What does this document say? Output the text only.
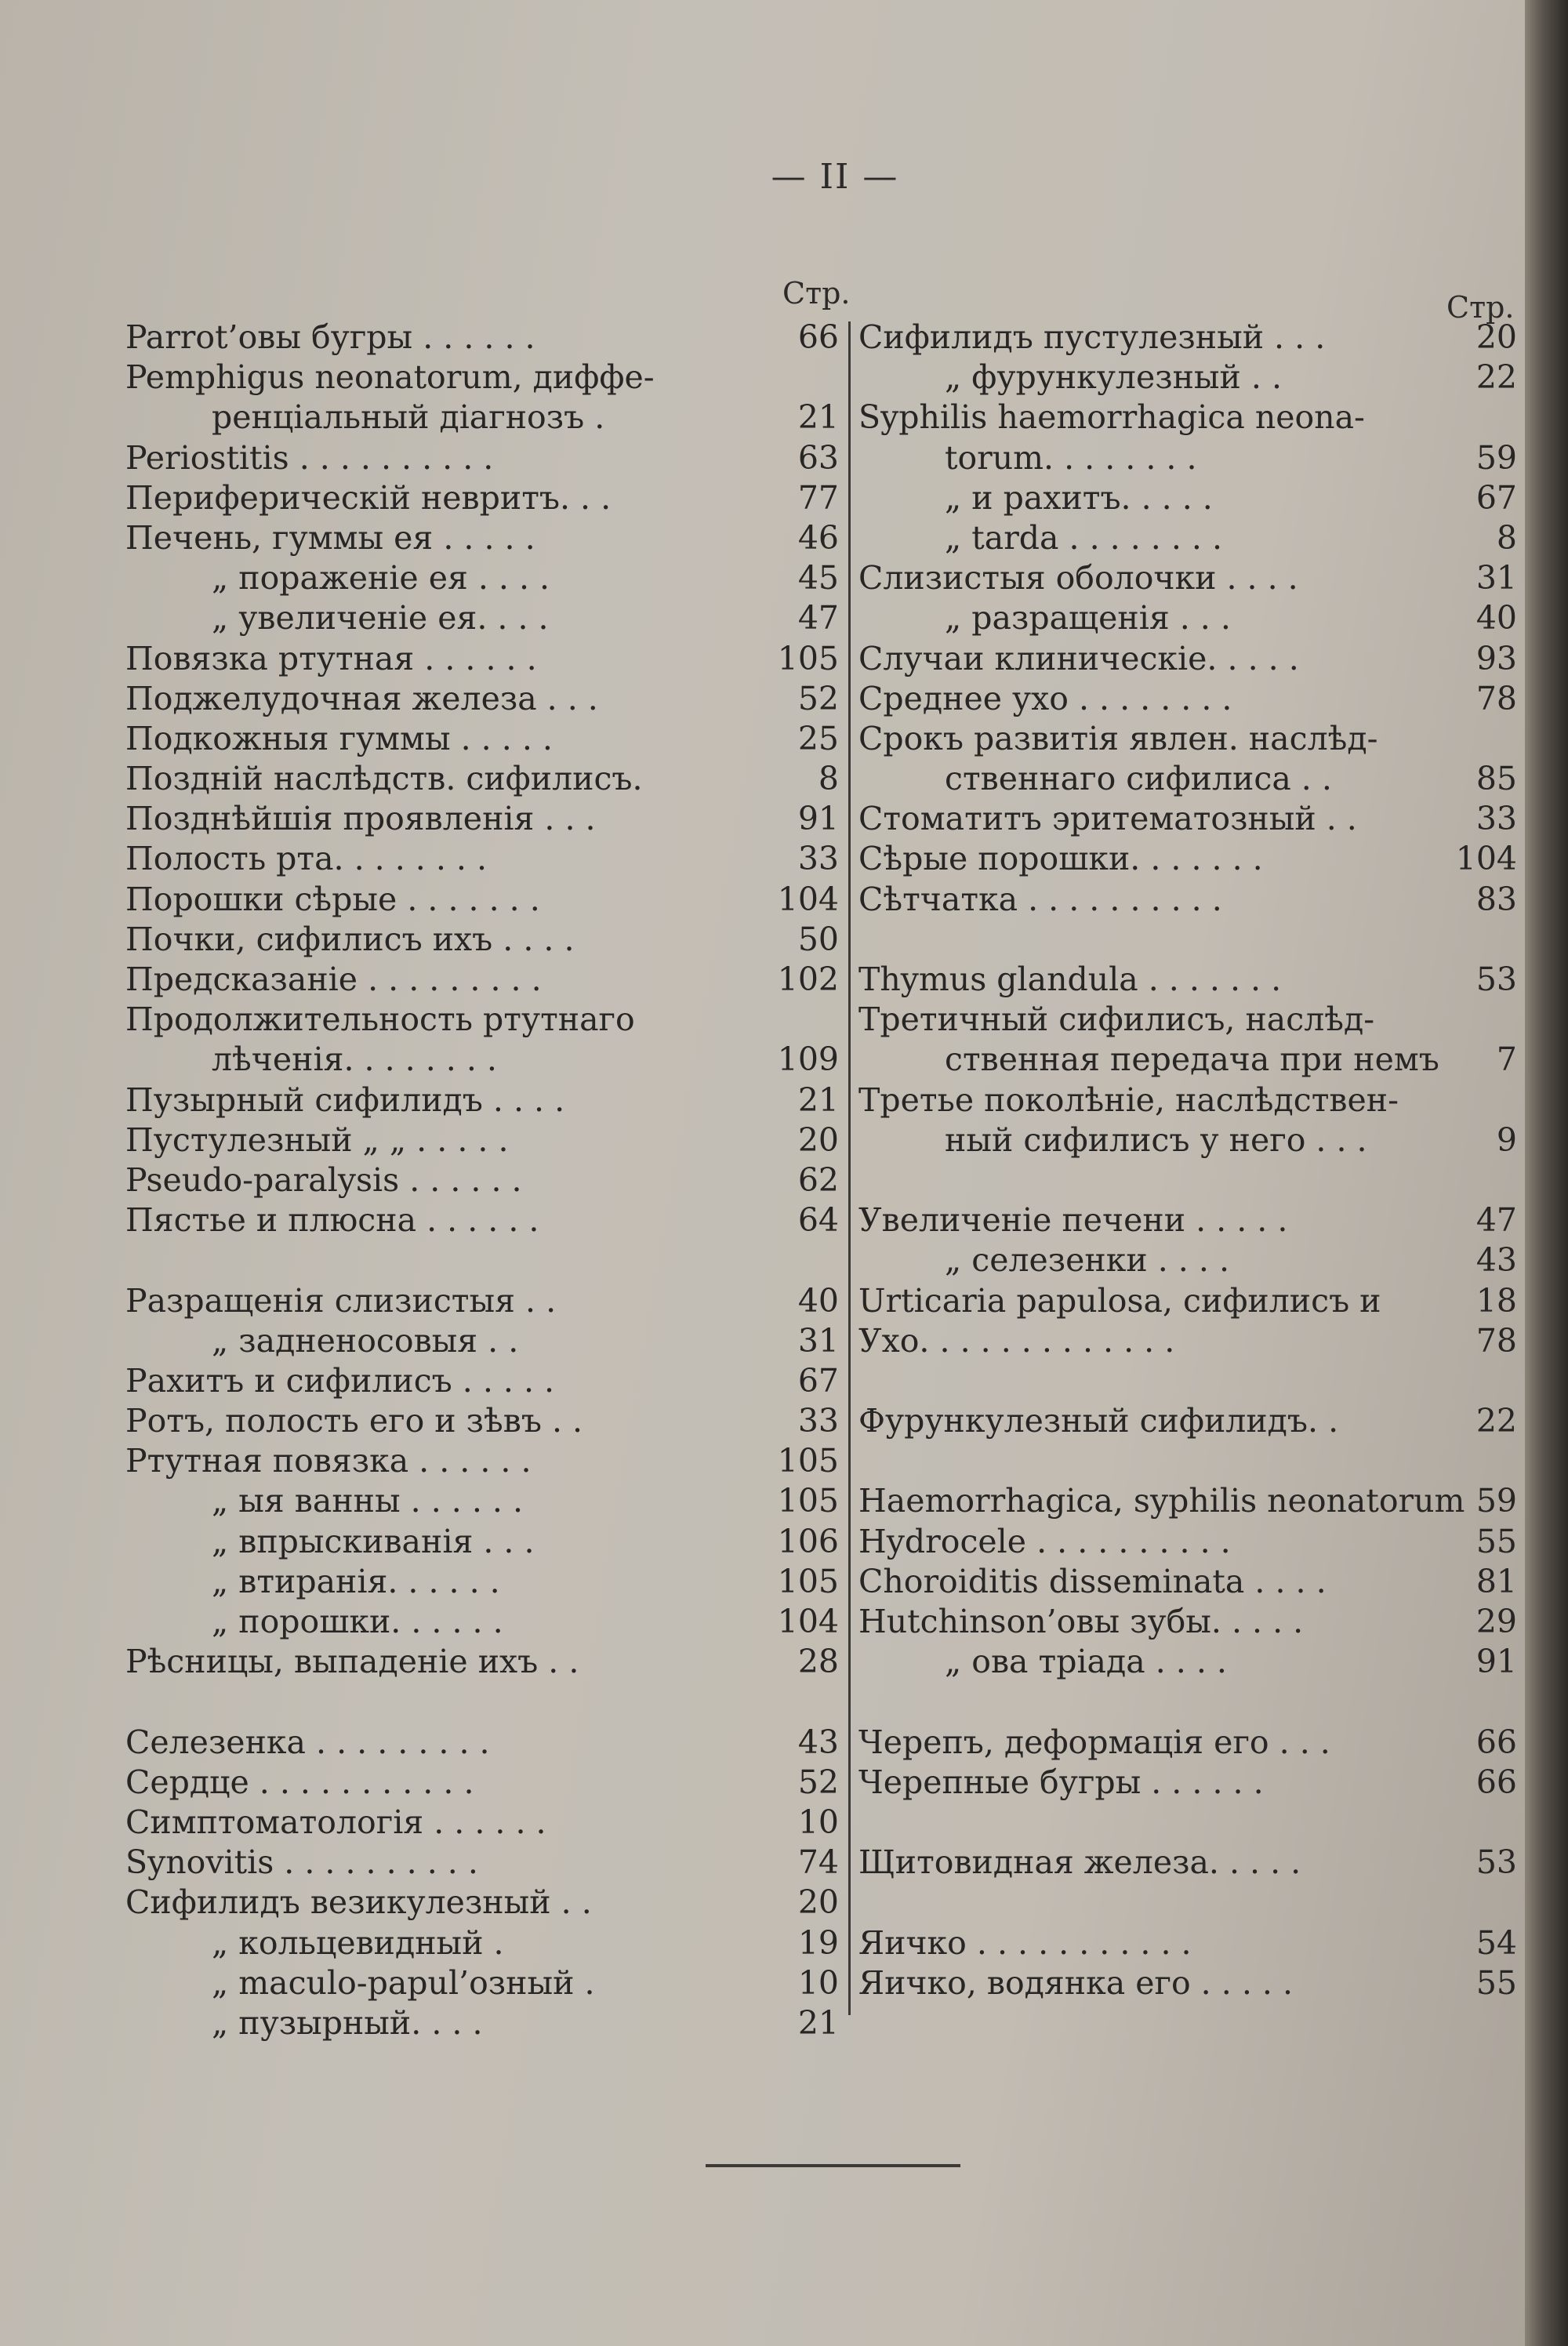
— II —
Стр.	Стр.
Parrot’овы бугры . . . . . .	66
Pemphigus neonatorum, диффе-
ренціальный діагнозъ .	21
Periostitis . . . . . . . . . .	63
Периферическій невритъ. . .	77
Печень, гуммы ея . . . . .	46
„ пораженіе ея . . . .	45
„ увеличеніе ея. . . .	47
Повязка ртутная . . . . . .	105
Поджелудочная железа . . .	52
Подкожныя гуммы . . . . .	25
Поздній наслѣдств. сифилисъ.	8
Позднѣйшія проявленія . . .	91
Полость рта. . . . . . . .	33
Порошки сѣрые . . . . . . .	104
Почки, сифилисъ ихъ . . . .	50
Предсказаніе . . . . . . . . .	102
Продолжительность ртутнаго
лѣченія. . . . . . . .	109
Пузырный сифилидъ . . . .	21
Пустулезный „ „ . . . . .	20
Pseudo-paralysis . . . . . .	62
Пястье и плюсна . . . . . .	64
Разращенія слизистыя . .	40
„ задненосовыя . .	31
Рахитъ и сифилисъ . . . . .	67
Ротъ, полость его и зѣвъ . .	33
Ртутная повязка . . . . . .	105
„ ыя ванны . . . . . .	105
„ впрыскиванія . . .	106
„ втиранія. . . . . .	105
„ порошки. . . . . .	104
Рѣсницы, выпаденіе ихъ . .	28
Селезенка . . . . . . . . .	43
Сердце . . . . . . . . . . .	52
Симптоматологія . . . . . .	10
Synovitis . . . . . . . . . .	74
Сифилидъ везикулезный . .	20
„ кольцевидный .	19
„ maculo-papul’озный .	10
„ пузырный. . . .	21
Сифилидъ пустулезный . . .	20
„ фурункулезный . .	22
Syphilis haemorrhagica neona-
torum. . . . . . . .	59
„ и рахитъ. . . . .	67
„ tarda . . . . . . . .	8
Слизистыя оболочки . . . .	31
„ разращенія . . .	40
Случаи клиническіе. . . . .	93
Среднее ухо . . . . . . . .	78
Срокъ развитія явлен. наслѣд-
ственнаго сифилиса . .	85
Стоматитъ эритематозный . .	33
Сѣрые порошки. . . . . . .	104
Сѣтчатка . . . . . . . . . .	83
Thymus glandula . . . . . . .	53
Третичный сифилисъ, наслѣд-
ственная передача при немъ 7
Третье поколѣніе, наслѣдствен-
ный сифилисъ у него . . .	9
Увеличеніе печени . . . . .	47
„ селезенки . . . .	43
Urticaria papulosa, сифилисъ и	18
Ухо. . . . . . . . . . . . .	78
Фурункулезный сифилидъ. .	22
Haemorrhagica, syphilis neonatorum 59
Hydrocele . . . . . . . . . .	55
Choroiditis disseminata . . . .	81
Hutchinson’овы зубы. . . . .	29
„ ова тріада . . . .	91
Черепъ, деформація его . . .	66
Черепные бугры . . . . . .	66
Щитовидная железа. . . . .	53
Яичко . . . . . . . . . . .	54
Яичко, водянка его . . . . .	55
